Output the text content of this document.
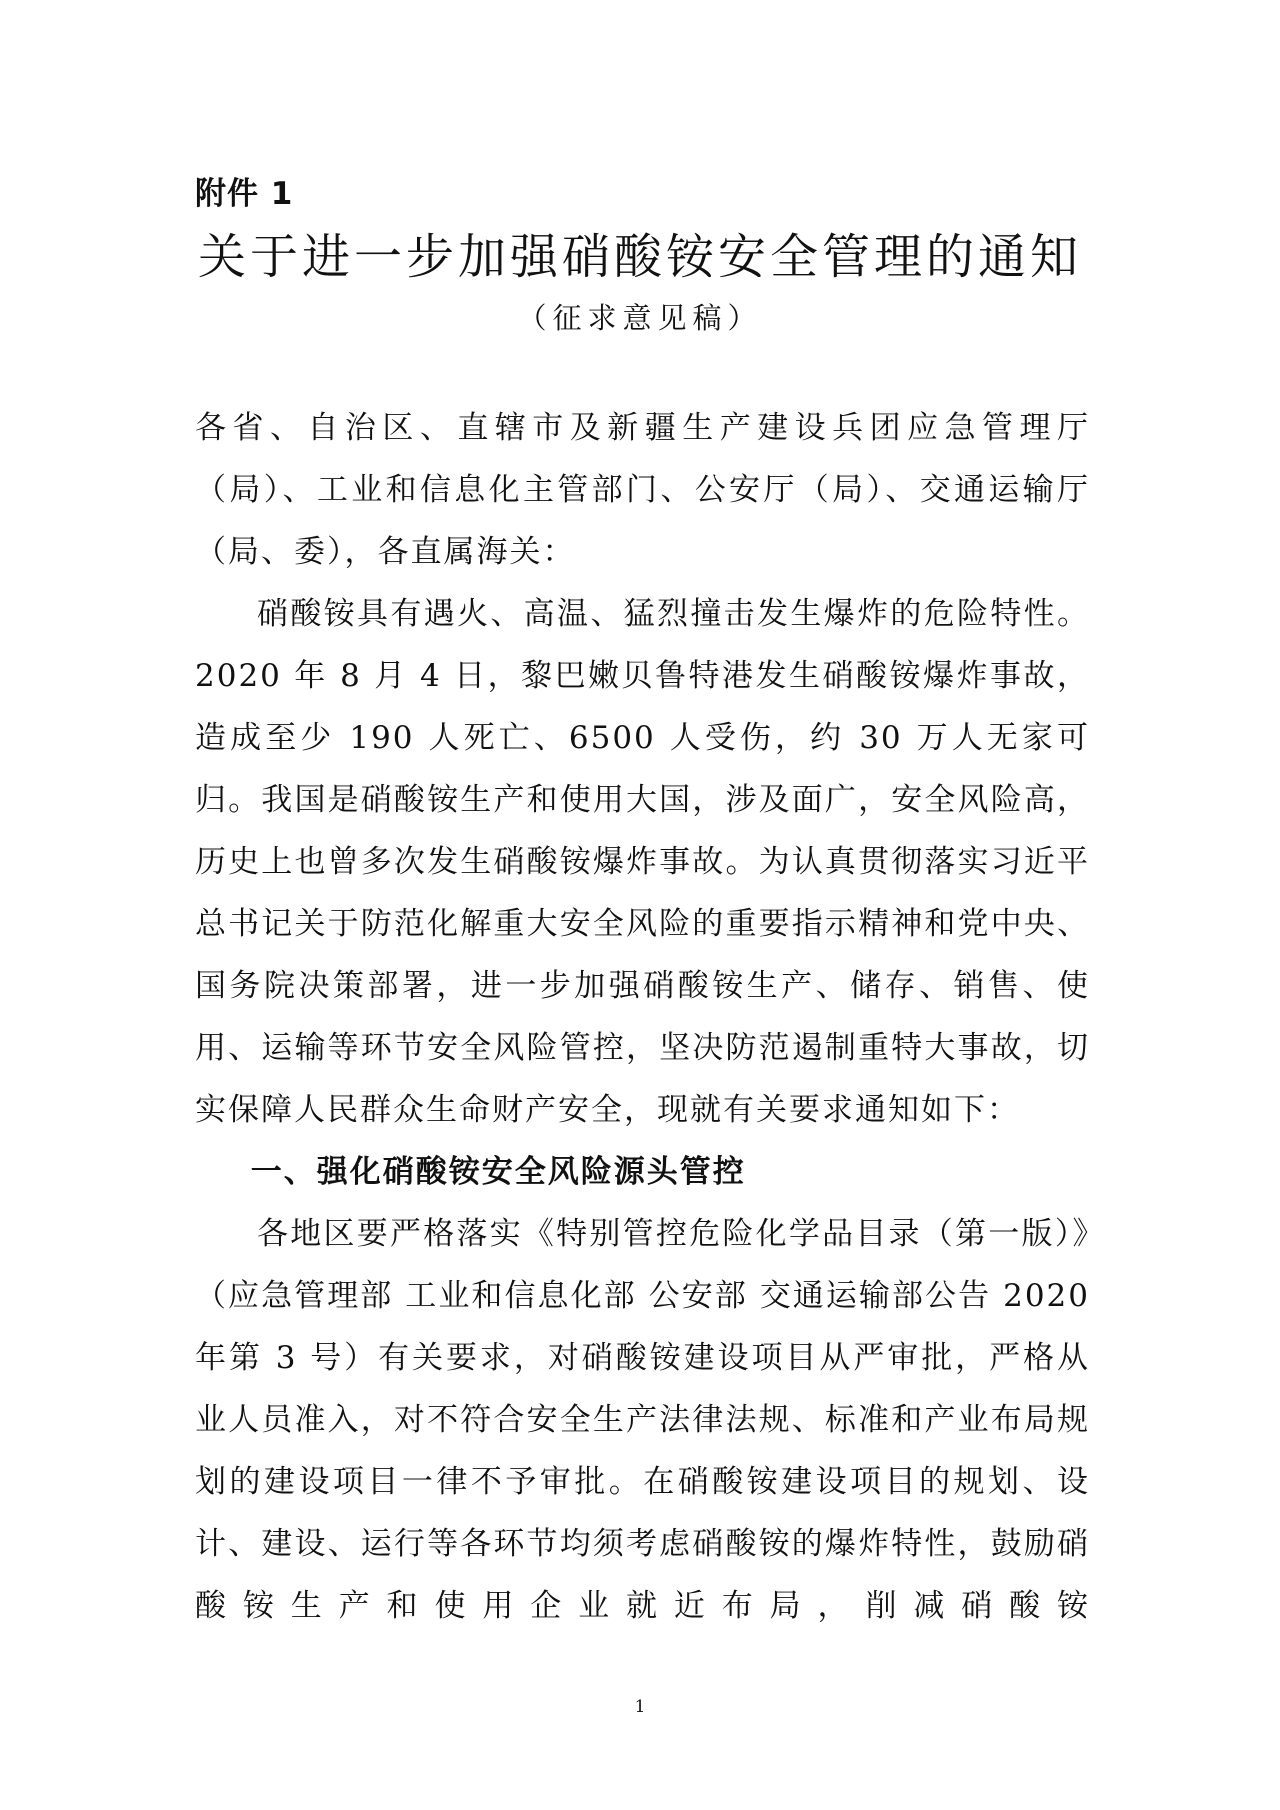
附件 1
关于进一步加强硝酸铵安全管理的通知
（征求意见稿）

各省、自治区、直辖市及新疆生产建设兵团应急管理厅（局）、工业和信息化主管部门、公安厅（局）、交通运输厅（局、委），各直属海关：

硝酸铵具有遇火、高温、猛烈撞击发生爆炸的危险特性。2020 年 8 月 4 日，黎巴嫩贝鲁特港发生硝酸铵爆炸事故，造成至少 190 人死亡、6500 人受伤，约 30 万人无家可归。我国是硝酸铵生产和使用大国，涉及面广，安全风险高，历史上也曾多次发生硝酸铵爆炸事故。为认真贯彻落实习近平总书记关于防范化解重大安全风险的重要指示精神和党中央、国务院决策部署，进一步加强硝酸铵生产、储存、销售、使用、运输等环节安全风险管控，坚决防范遏制重特大事故，切实保障人民群众生命财产安全，现就有关要求通知如下：

一、强化硝酸铵安全风险源头管控

各地区要严格落实《特别管控危险化学品目录（第一版）》（应急管理部 工业和信息化部 公安部 交通运输部公告 2020 年第 3 号）有关要求，对硝酸铵建设项目从严审批，严格从业人员准入，对不符合安全生产法律法规、标准和产业布局规划的建设项目一律不予审批。在硝酸铵建设项目的规划、设计、建设、运行等各环节均须考虑硝酸铵的爆炸特性，鼓励硝酸铵生产和使用企业就近布局，削减硝酸铵

1
